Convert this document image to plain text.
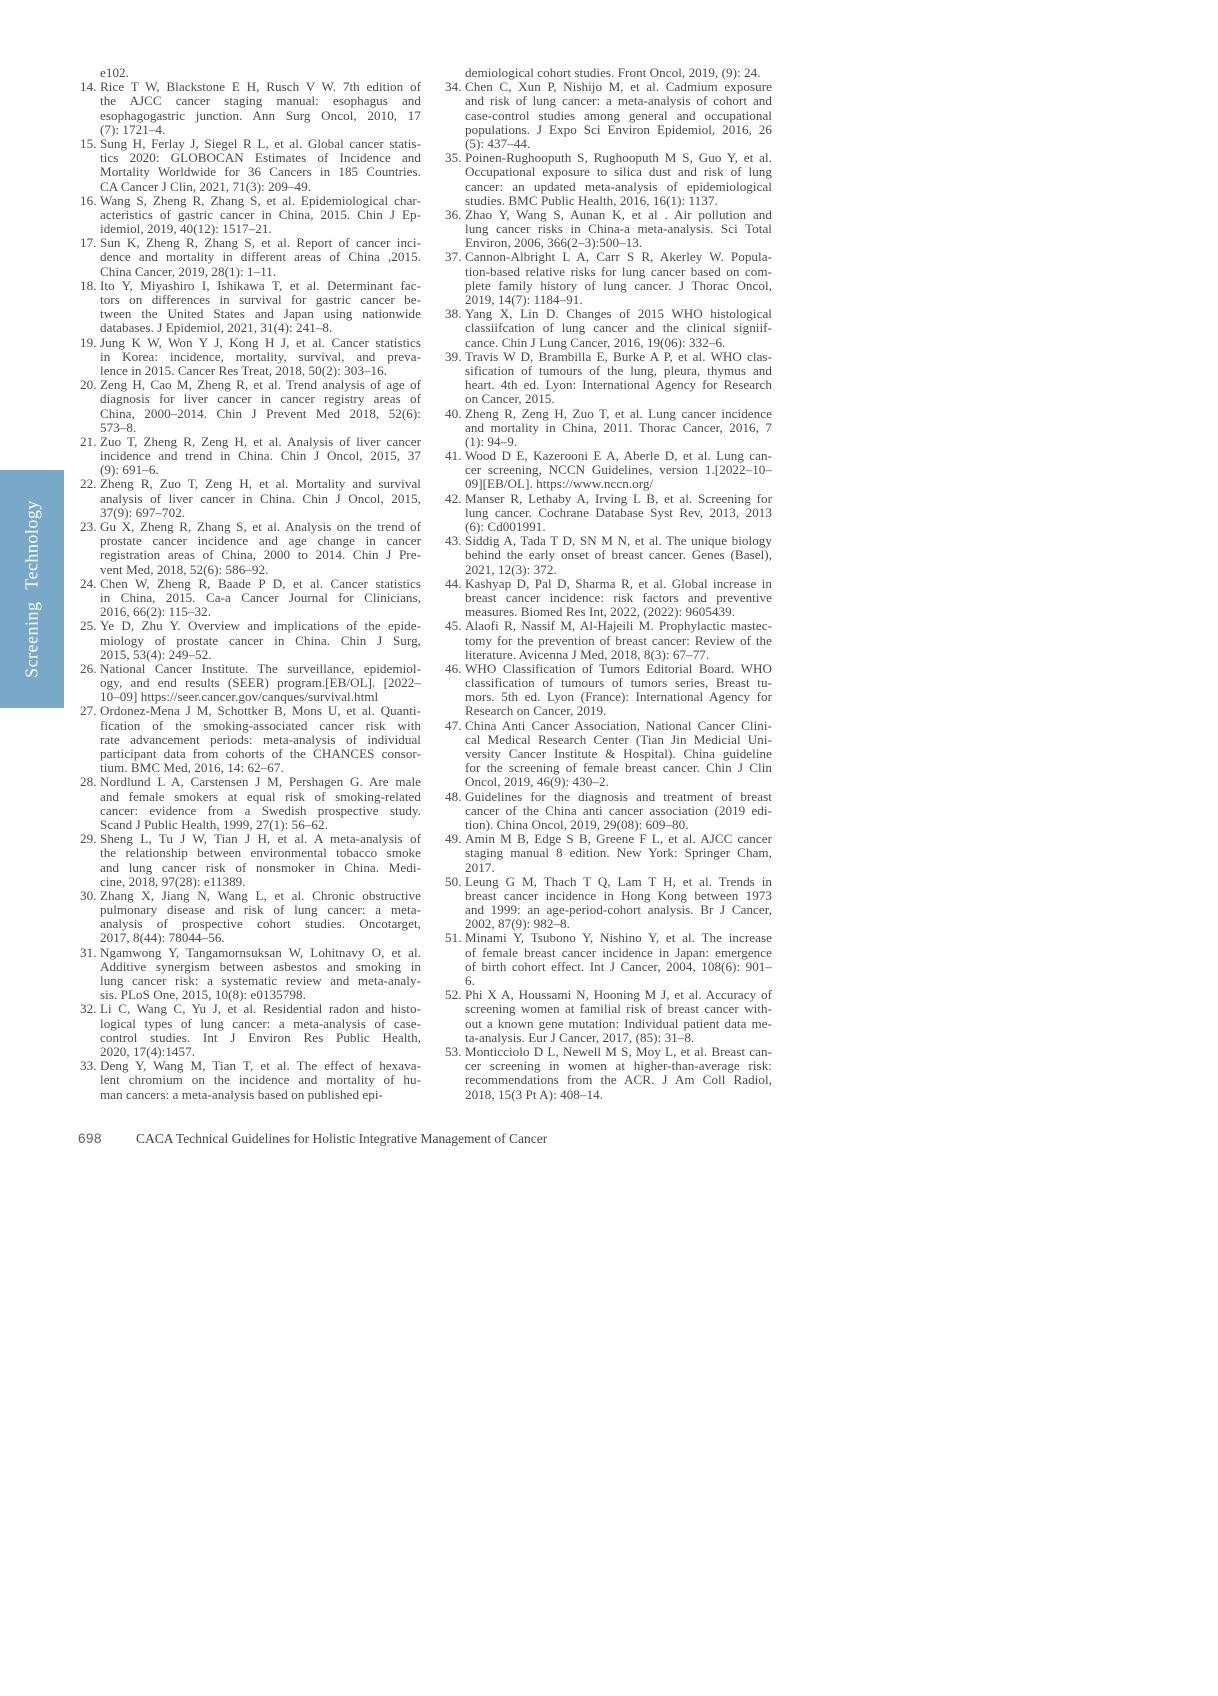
Screening Technology
e102.
14. Rice T W, Blackstone E H, Rusch V W. 7th edition of
the AJCC cancer staging manual: esophagus and
esophagogastric junction. Ann Surg Oncol, 2010, 17
(7): 1721–4.
15. Sung H, Ferlay J, Siegel R L, et al. Global cancer statis-
tics 2020: GLOBOCAN Estimates of Incidence and
Mortality Worldwide for 36 Cancers in 185 Countries.
CA Cancer J Clin, 2021, 71(3): 209–49.
16. Wang S, Zheng R, Zhang S, et al. Epidemiological char-
acteristics of gastric cancer in China, 2015. Chin J Ep-
idemiol, 2019, 40(12): 1517–21.
17. Sun K, Zheng R, Zhang S, et al. Report of cancer inci-
dence and mortality in different areas of China ,2015.
China Cancer, 2019, 28(1): 1–11.
18. Ito Y, Miyashiro I, Ishikawa T, et al. Determinant fac-
tors on differences in survival for gastric cancer be-
tween the United States and Japan using nationwide
databases. J Epidemiol, 2021, 31(4): 241–8.
19. Jung K W, Won Y J, Kong H J, et al. Cancer statistics
in Korea: incidence, mortality, survival, and preva-
lence in 2015. Cancer Res Treat, 2018, 50(2): 303–16.
20. Zeng H, Cao M, Zheng R, et al. Trend analysis of age of
diagnosis for liver cancer in cancer registry areas of
China, 2000–2014. Chin J Prevent Med 2018, 52(6):
573–8.
21. Zuo T, Zheng R, Zeng H, et al. Analysis of liver cancer
incidence and trend in China. Chin J Oncol, 2015, 37
(9): 691–6.
22. Zheng R, Zuo T, Zeng H, et al. Mortality and survival
analysis of liver cancer in China. Chin J Oncol, 2015,
37(9): 697–702.
23. Gu X, Zheng R, Zhang S, et al. Analysis on the trend of
prostate cancer incidence and age change in cancer
registration areas of China, 2000 to 2014. Chin J Pre-
vent Med, 2018, 52(6): 586–92.
24. Chen W, Zheng R, Baade P D, et al. Cancer statistics
in China, 2015. Ca-a Cancer Journal for Clinicians,
2016, 66(2): 115–32.
25. Ye D, Zhu Y. Overview and implications of the epide-
miology of prostate cancer in China. Chin J Surg,
2015, 53(4): 249–52.
26. National Cancer Institute. The surveillance, epidemiol-
ogy, and end results (SEER) program.[EB/OL]. [2022–
10–09] https://seer.cancer.gov/canques/survival.html
27. Ordonez-Mena J M, Schottker B, Mons U, et al. Quanti-
fication of the smoking-associated cancer risk with
rate advancement periods: meta-analysis of individual
participant data from cohorts of the CHANCES consor-
tium. BMC Med, 2016, 14: 62–67.
28. Nordlund L A, Carstensen J M, Pershagen G. Are male
and female smokers at equal risk of smoking-related
cancer: evidence from a Swedish prospective study.
Scand J Public Health, 1999, 27(1): 56–62.
29. Sheng L, Tu J W, Tian J H, et al. A meta-analysis of
the relationship between environmental tobacco smoke
and lung cancer risk of nonsmoker in China. Medi-
cine, 2018, 97(28): e11389.
30. Zhang X, Jiang N, Wang L, et al. Chronic obstructive
pulmonary disease and risk of lung cancer: a meta-
analysis of prospective cohort studies. Oncotarget,
2017, 8(44): 78044–56.
31. Ngamwong Y, Tangamornsuksan W, Lohitnavy O, et al.
Additive synergism between asbestos and smoking in
lung cancer risk: a systematic review and meta-analy-
sis. PLoS One, 2015, 10(8): e0135798.
32. Li C, Wang C, Yu J, et al. Residential radon and histo-
logical types of lung cancer: a meta-analysis of case-
control studies. Int J Environ Res Public Health,
2020, 17(4):1457.
33. Deng Y, Wang M, Tian T, et al. The effect of hexava-
lent chromium on the incidence and mortality of hu-
man cancers: a meta-analysis based on published epi-
demiological cohort studies. Front Oncol, 2019, (9): 24.
34. Chen C, Xun P, Nishijo M, et al. Cadmium exposure
and risk of lung cancer: a meta-analysis of cohort and
case-control studies among general and occupational
populations. J Expo Sci Environ Epidemiol, 2016, 26
(5): 437–44.
35. Poinen-Rughooputh S, Rughooputh M S, Guo Y, et al.
Occupational exposure to silica dust and risk of lung
cancer: an updated meta-analysis of epidemiological
studies. BMC Public Health, 2016, 16(1): 1137.
36. Zhao Y, Wang S, Aunan K, et al . Air pollution and
lung cancer risks in China-a meta-analysis. Sci Total
Environ, 2006, 366(2–3):500–13.
37. Cannon-Albright L A, Carr S R, Akerley W. Popula-
tion-based relative risks for lung cancer based on com-
plete family history of lung cancer. J Thorac Oncol,
2019, 14(7): 1184–91.
38. Yang X, Lin D. Changes of 2015 WHO histological
classiifcation of lung cancer and the clinical signiif-
cance. Chin J Lung Cancer, 2016, 19(06): 332–6.
39. Travis W D, Brambilla E, Burke A P, et al. WHO clas-
sification of tumours of the lung, pleura, thymus and
heart. 4th ed. Lyon: International Agency for Research
on Cancer, 2015.
40. Zheng R, Zeng H, Zuo T, et al. Lung cancer incidence
and mortality in China, 2011. Thorac Cancer, 2016, 7
(1): 94–9.
41. Wood D E, Kazerooni E A, Aberle D, et al. Lung can-
cer screening, NCCN Guidelines, version 1.[2022–10–
09][EB/OL]. https://www.nccn.org/
42. Manser R, Lethaby A, Irving L B, et al. Screening for
lung cancer. Cochrane Database Syst Rev, 2013, 2013
(6): Cd001991.
43. Siddig A, Tada T D, SN M N, et al. The unique biology
behind the early onset of breast cancer. Genes (Basel),
2021, 12(3): 372.
44. Kashyap D, Pal D, Sharma R, et al. Global increase in
breast cancer incidence: risk factors and preventive
measures. Biomed Res Int, 2022, (2022): 9605439.
45. Alaofi R, Nassif M, Al-Hajeili M. Prophylactic mastec-
tomy for the prevention of breast cancer: Review of the
literature. Avicenna J Med, 2018, 8(3): 67–77.
46. WHO Classification of Tumors Editorial Board. WHO
classification of tumours of tumors series, Breast tu-
mors. 5th ed. Lyon (France): International Agency for
Research on Cancer, 2019.
47. China Anti Cancer Association, National Cancer Clini-
cal Medical Research Center (Tian Jin Medicial Uni-
versity Cancer Institute & Hospital). China guideline
for the screening of female breast cancer. Chin J Clin
Oncol, 2019, 46(9): 430–2.
48. Guidelines for the diagnosis and treatment of breast
cancer of the China anti cancer association (2019 edi-
tion). China Oncol, 2019, 29(08): 609–80.
49. Amin M B, Edge S B, Greene F L, et al. AJCC cancer
staging manual 8 edition. New York: Springer Cham,
2017.
50. Leung G M, Thach T Q, Lam T H, et al. Trends in
breast cancer incidence in Hong Kong between 1973
and 1999: an age-period-cohort analysis. Br J Cancer,
2002, 87(9): 982–8.
51. Minami Y, Tsubono Y, Nishino Y, et al. The increase
of female breast cancer incidence in Japan: emergence
of birth cohort effect. Int J Cancer, 2004, 108(6): 901–
6.
52. Phi X A, Houssami N, Hooning M J, et al. Accuracy of
screening women at familial risk of breast cancer with-
out a known gene mutation: Individual patient data me-
ta-analysis. Eur J Cancer, 2017, (85): 31–8.
53. Monticciolo D L, Newell M S, Moy L, et al. Breast can-
cer screening in women at higher-than-average risk:
recommendations from the ACR. J Am Coll Radiol,
2018, 15(3 Pt A): 408–14.
698	CACA Technical Guidelines for Holistic Integrative Management of Cancer
